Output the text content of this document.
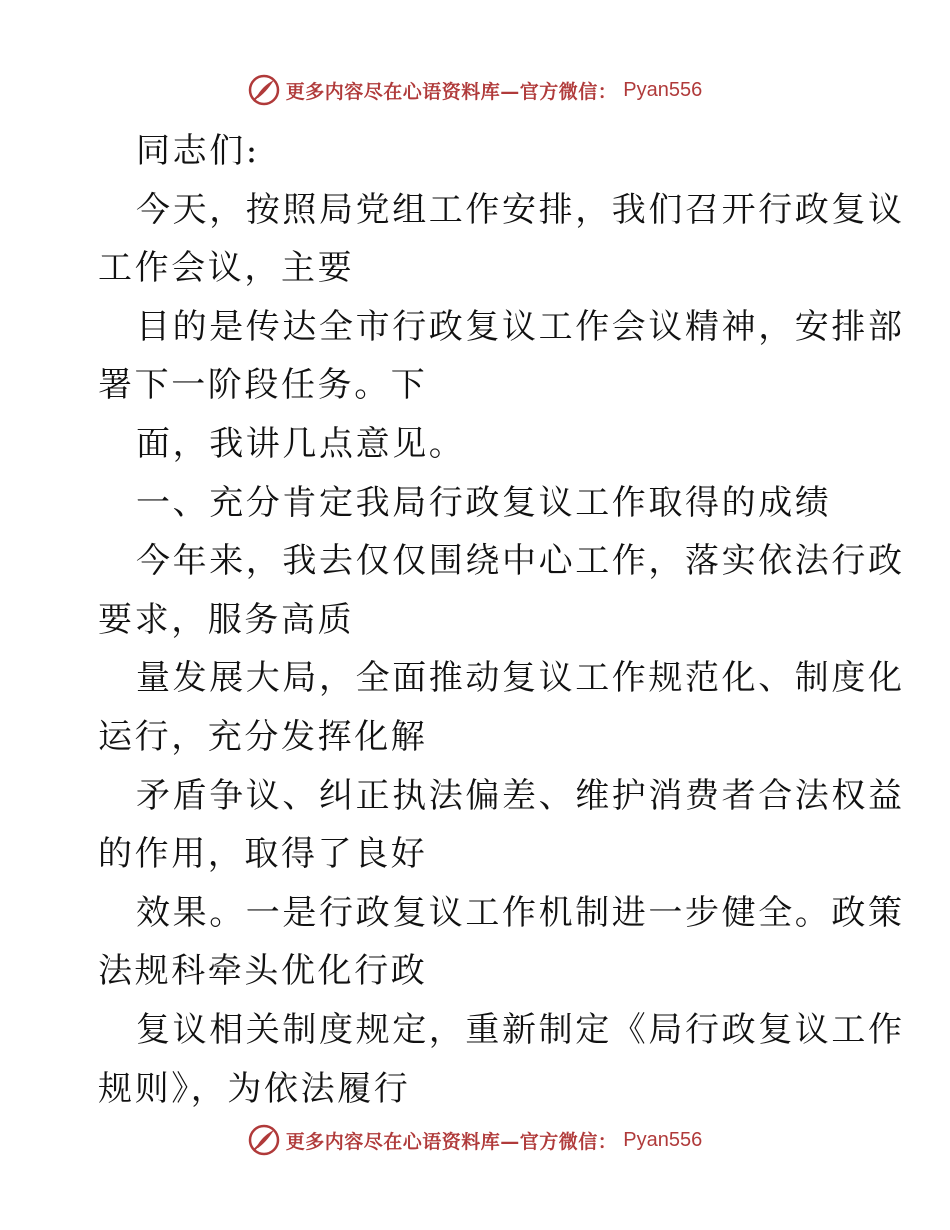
更多内容尽在心语资料库—官方微信： Pyan556
同志们:
今天，按照局党组工作安排，我们召开行政复议
工作会议，主要
目的是传达全市行政复议工作会议精神，安排部
署下一阶段任务。下
面，我讲几点意见。
一、充分肯定我局行政复议工作取得的成绩
今年来，我去仅仅围绕中心工作，落实依法行政
要求，服务高质
量发展大局，全面推动复议工作规范化、制度化
运行，充分发挥化解
矛盾争议、纠正执法偏差、维护消费者合法权益
的作用，取得了良好
效果。一是行政复议工作机制进一步健全。政策
法规科牵头优化行政
复议相关制度规定，重新制定《局行政复议工作
规则》，为依法履行
更多内容尽在心语资料库—官方微信： Pyan556
